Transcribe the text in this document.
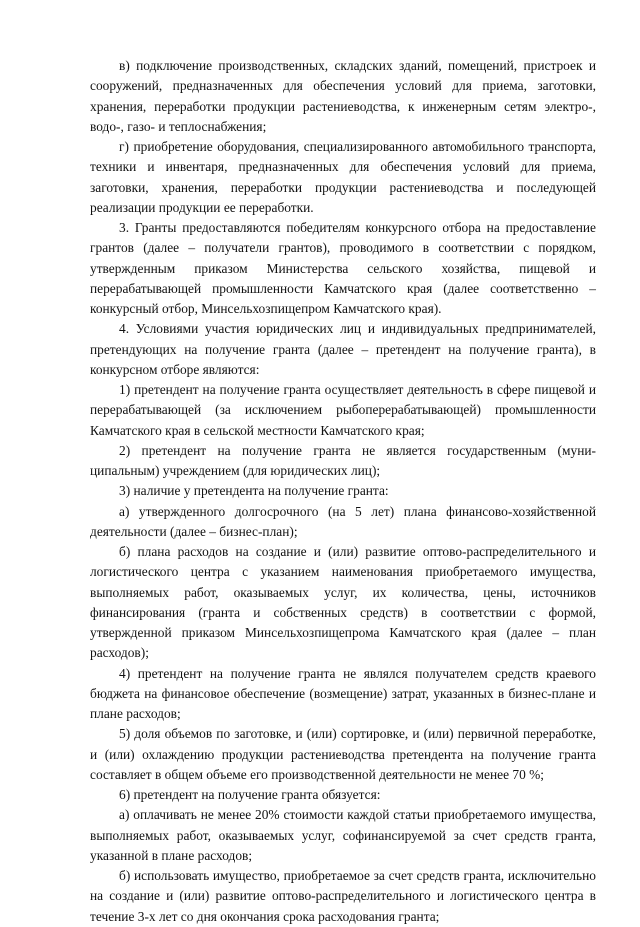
в) подключение производственных, складских зданий, помещений, пристроек и сооружений, предназначенных для обеспечения условий для приема, заготовки, хранения, переработки продукции растениеводства, к инженерным сетям электро-, водо-, газо- и теплоснабжения;

г) приобретение оборудования, специализированного автомобильного транспорта, техники и инвентаря, предназначенных для обеспечения условий для приема, заготовки, хранения, переработки продукции растениеводства и последующей реализации продукции ее переработки.

3. Гранты предоставляются победителям конкурсного отбора на предоставление грантов (далее – получатели грантов), проводимого в соответствии с порядком, утвержденным приказом Министерства сельского хозяйства, пищевой и перерабатывающей промышленности Камчатского края (далее соответственно – конкурсный отбор, Минсельхозпищепром Камчатского края).

4. Условиями участия юридических лиц и индивидуальных предпринимателей, претендующих на получение гранта (далее – претендент на получение гранта), в конкурсном отборе являются:

1) претендент на получение гранта осуществляет деятельность в сфере пищевой и перерабатывающей (за исключением рыбоперерабатывающей) промышленности Камчатского края в сельской местности Камчатского края;

2) претендент на получение гранта не является государственным (муниципальным) учреждением (для юридических лиц);

3) наличие у претендента на получение гранта:

а) утвержденного долгосрочного (на 5 лет) плана финансово-хозяйственной деятельности (далее – бизнес-план);

б) плана расходов на создание и (или) развитие оптово-распределительного и логистического центра с указанием наименования приобретаемого имущества, выполняемых работ, оказываемых услуг, их количества, цены, источников финансирования (гранта и собственных средств) в соответствии с формой, утвержденной приказом Минсельхозпищепрома Камчатского края (далее – план расходов);

4) претендент на получение гранта не являлся получателем средств краевого бюджета на финансовое обеспечение (возмещение) затрат, указанных в бизнес-плане и плане расходов;

5) доля объемов по заготовке, и (или) сортировке, и (или) первичной переработке, и (или) охлаждению продукции растениеводства претендента на получение гранта составляет в общем объеме его производственной деятельности не менее 70 %;

6) претендент на получение гранта обязуется:

а) оплачивать не менее 20% стоимости каждой статьи приобретаемого имущества, выполняемых работ, оказываемых услуг, софинансируемой за счет средств гранта, указанной в плане расходов;

б) использовать имущество, приобретаемое за счет средств гранта, исключительно на создание и (или) развитие оптово-распределительного и логистического центра в течение 3-х лет со дня окончания срока расходования гранта;
